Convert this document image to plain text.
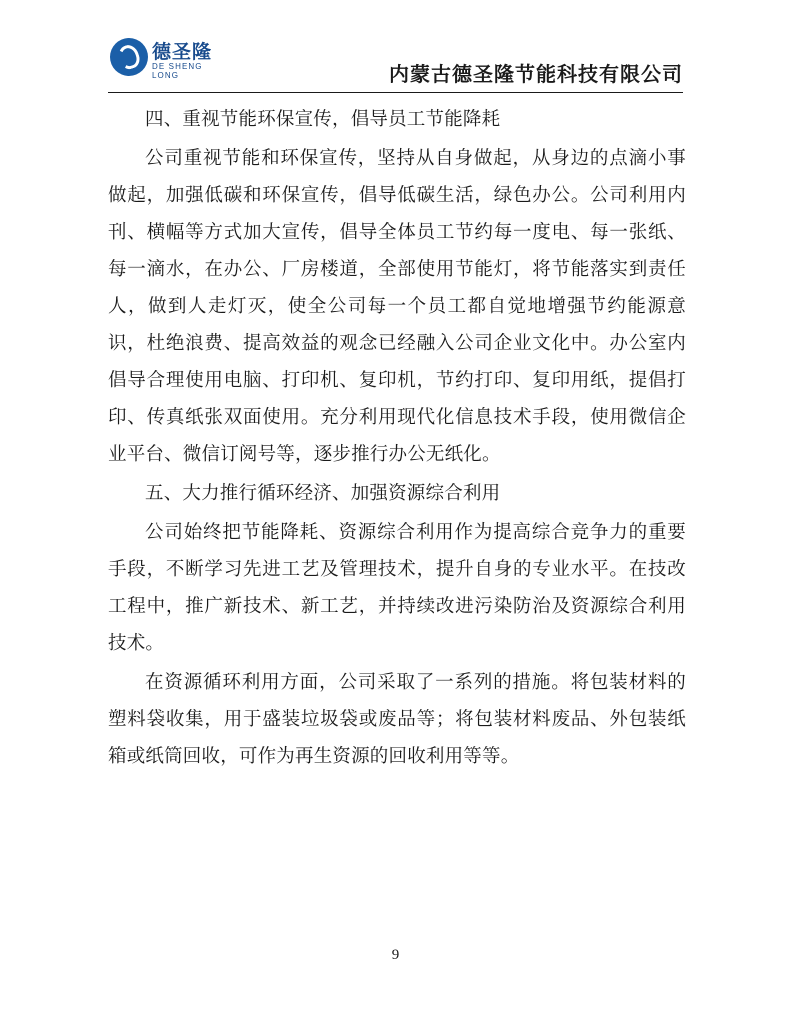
德圣隆
DE SHENG LONG	内蒙古德圣隆节能科技有限公司

四、重视节能环保宣传，倡导员工节能降耗

公司重视节能和环保宣传，坚持从自身做起，从身边的点滴小事做起，加强低碳和环保宣传，倡导低碳生活，绿色办公。公司利用内刊、横幅等方式加大宣传，倡导全体员工节约每一度电、每一张纸、每一滴水，在办公、厂房楼道，全部使用节能灯，将节能落实到责任人，做到人走灯灭，使全公司每一个员工都自觉地增强节约能源意识，杜绝浪费、提高效益的观念已经融入公司企业文化中。办公室内倡导合理使用电脑、打印机、复印机，节约打印、复印用纸，提倡打印、传真纸张双面使用。充分利用现代化信息技术手段，使用微信企业平台、微信订阅号等，逐步推行办公无纸化。

五、大力推行循环经济、加强资源综合利用

公司始终把节能降耗、资源综合利用作为提高综合竞争力的重要手段，不断学习先进工艺及管理技术，提升自身的专业水平。在技改工程中，推广新技术、新工艺，并持续改进污染防治及资源综合利用技术。

在资源循环利用方面，公司采取了一系列的措施。将包装材料的塑料袋收集，用于盛装垃圾袋或废品等；将包装材料废品、外包装纸箱或纸筒回收，可作为再生资源的回收利用等等。

9
